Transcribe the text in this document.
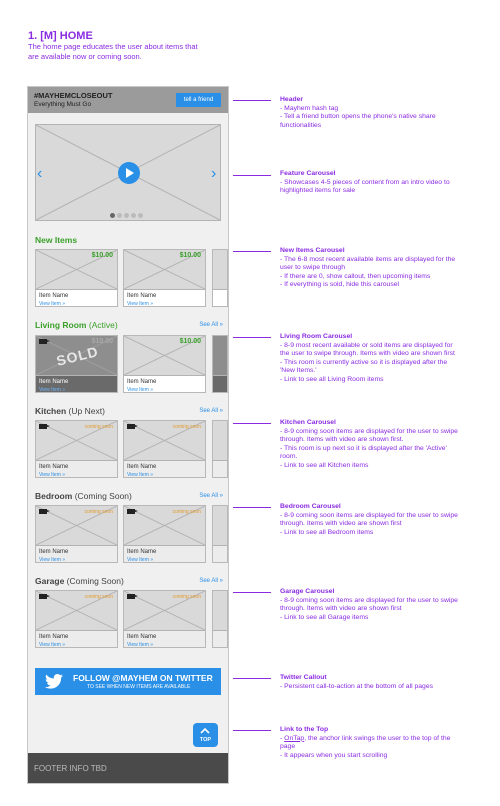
1. [M] HOME
The home page educates the user about items that are available now or coming soon.
#MAYHEMCLOSEOUT
Everything Must Go
tell a friend
‹	›
New Items
$10.00
Item Name
View Item »
$10.00
Item Name
View Item »
Living Room (Active)	See All »
$10.00
SOLD
Item Name
View Item »
$10.00
Item Name
View Item »
Kitchen (Up Next)	See All »
coming soon
Item Name
View Item »
coming soon
Item Name
View Item »
Bedroom (Coming Soon)	See All »
coming soon
Item Name
View Item »
coming soon
Item Name
View Item »
Garage (Coming Soon)	See All »
coming soon
Item Name
View Item »
coming soon
Item Name
View Item »
FOLLOW @MAYHEM ON TWITTER
TO SEE WHEN NEW ITEMS ARE AVAILABLE
TOP
FOOTER INFO TBD
Header
- Mayhem hash tag
- Tell a friend button opens the phone's native share functionalities
Feature Carousel
- Showcases 4-5 pieces of content from an intro video to highlighted items for sale
New Items Carousel
- The 6-8 most recent available items are displayed for the user to swipe through
- If there are 0, show callout, then upcoming items
- If everything is sold, hide this carousel
Living Room Carousel
- 8-9 most recent available or sold items are displayed for the user to swipe through. Items with video are shown first
- This room is currently active so it is displayed after the 'New Items.'
- Link to see all Living Room items
Kitchen Carousel
- 8-9 coming soon items are displayed for the user to swipe through. Items with video are shown first.
- This room is up next so it is displayed after the 'Active' room.
- Link to see all Kitchen items
Bedroom Carousel
- 8-9 coming soon items are displayed for the user to swipe through. Items with video are shown first
- Link to see all Bedroom items
Garage Carousel
- 8-9 coming soon items are displayed for the user to swipe through. Items with video are shown first
- Link to see all Garage items
Twitter Callout
- Persistent call-to-action at the bottom of all pages
Link to the Top
- OnTap, the anchor link swings the user to the top of the page
- It appears when you start scrolling
